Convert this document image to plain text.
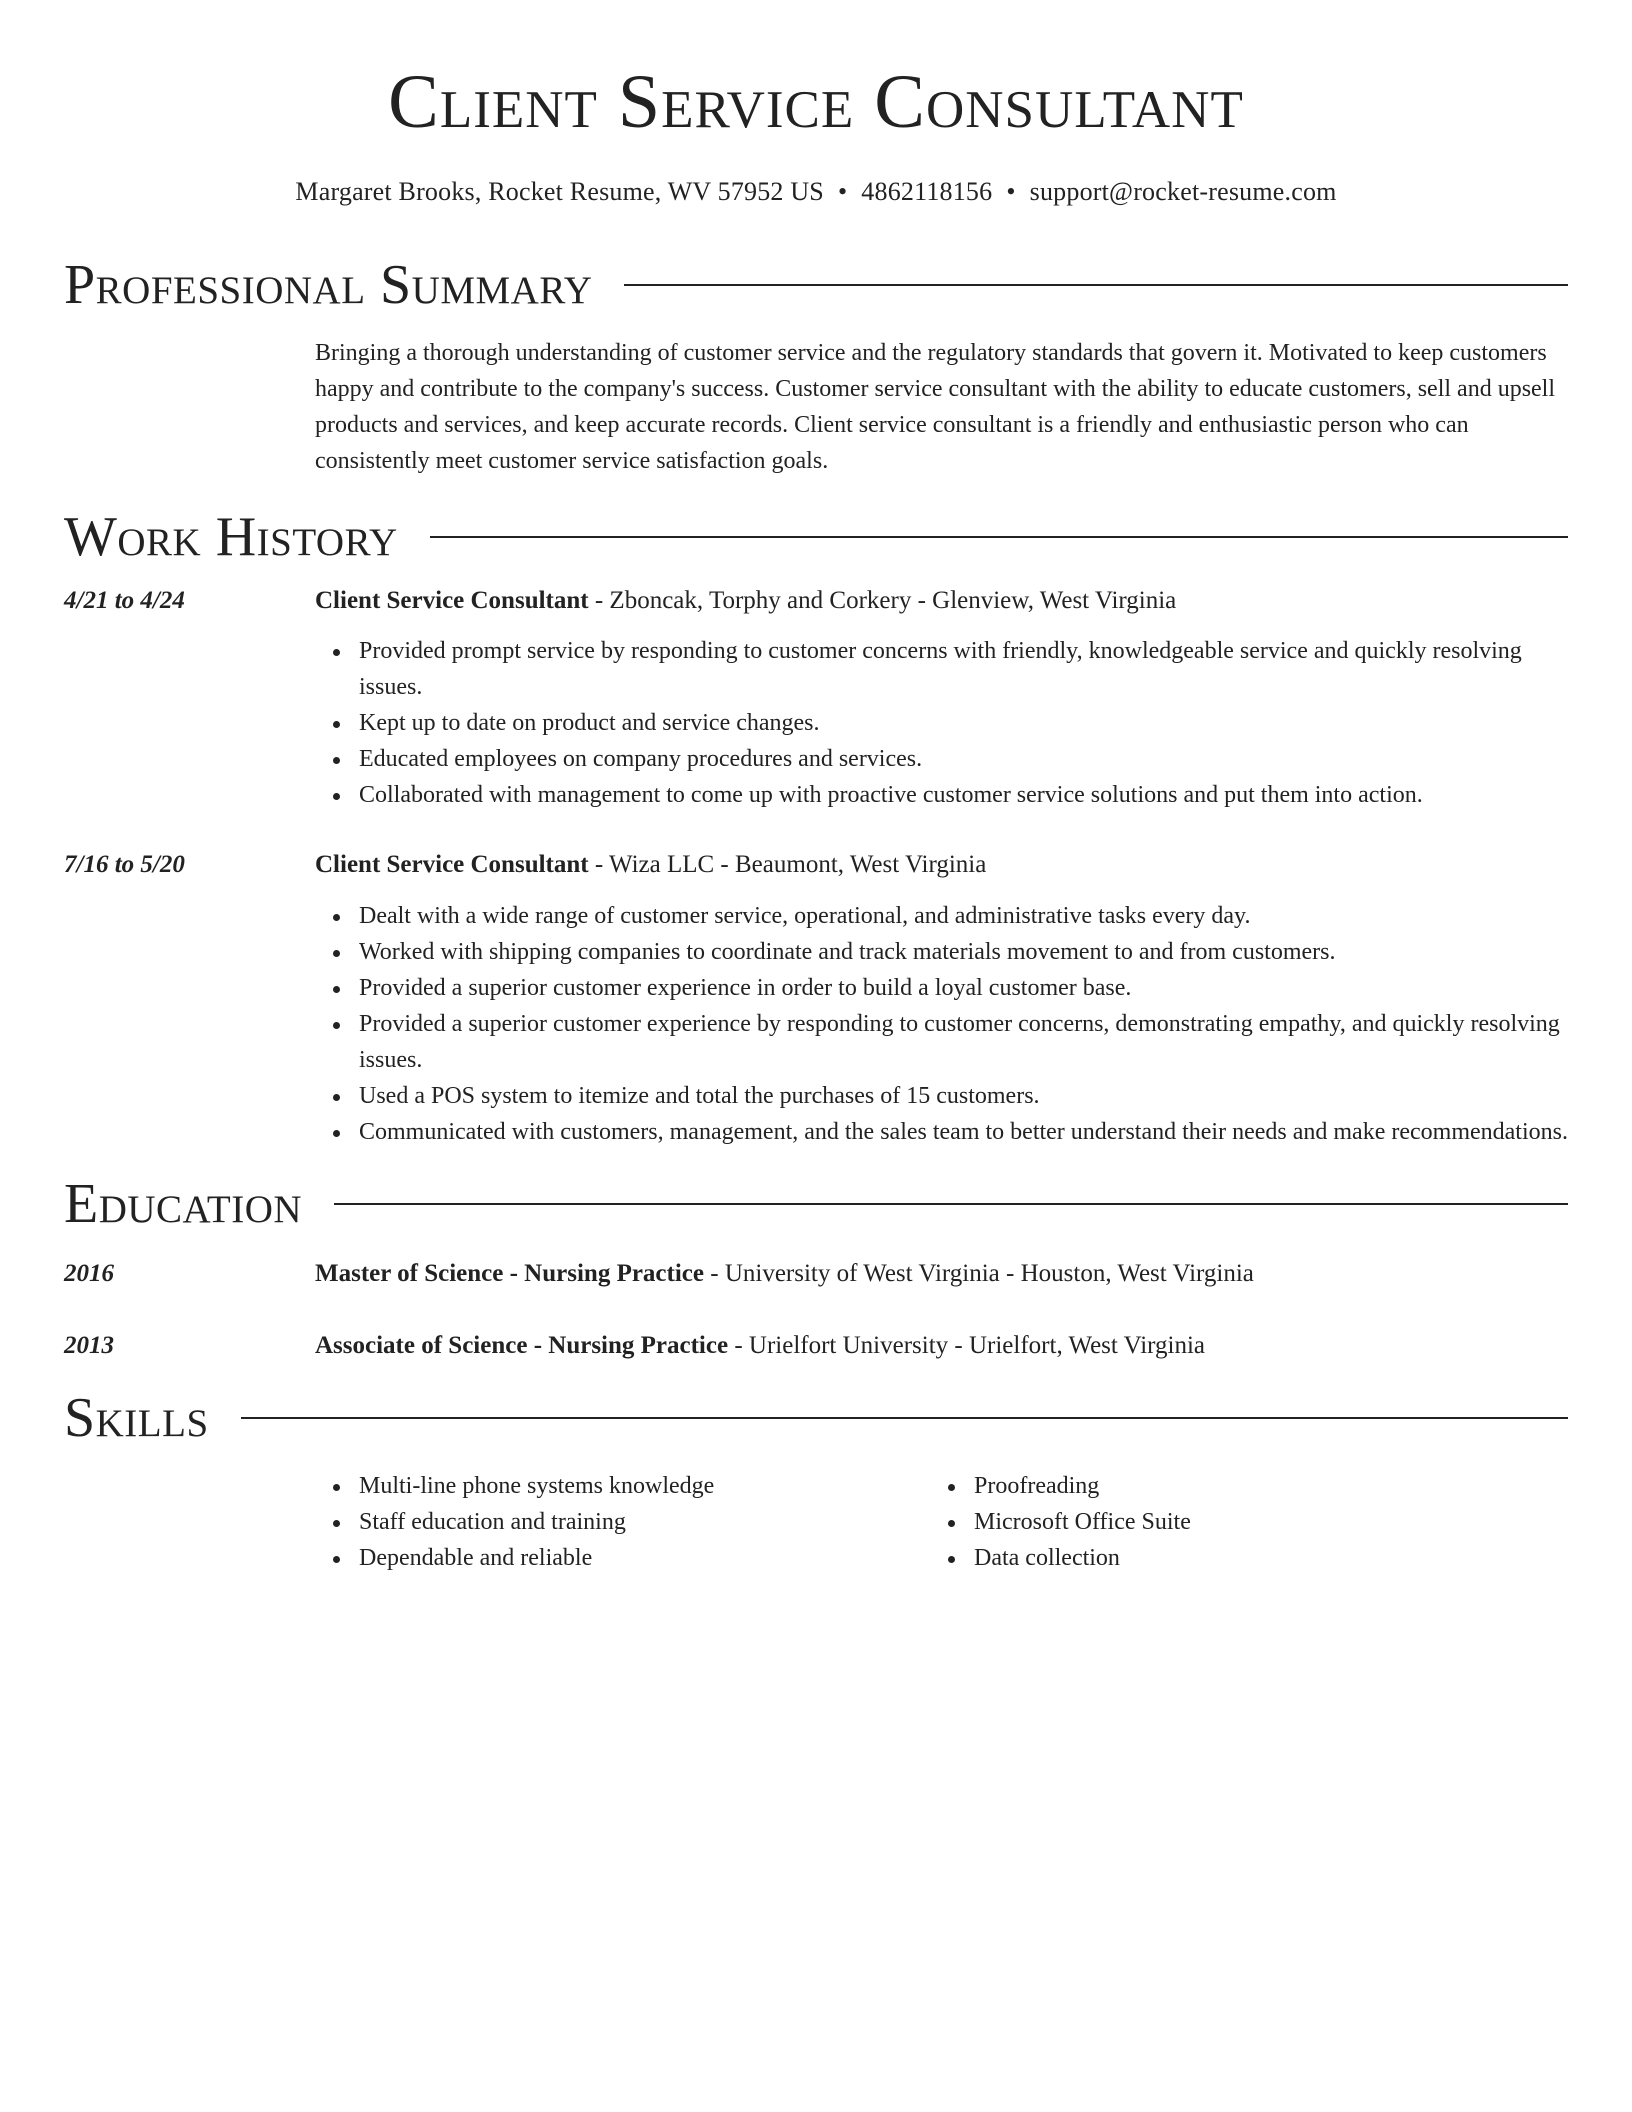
Client Service Consultant
Margaret Brooks, Rocket Resume, WV 57952 US • 4862118156 • support@rocket-resume.com
Professional Summary
Bringing a thorough understanding of customer service and the regulatory standards that govern it. Motivated to keep customers happy and contribute to the company's success. Customer service consultant with the ability to educate customers, sell and upsell products and services, and keep accurate records. Client service consultant is a friendly and enthusiastic person who can consistently meet customer service satisfaction goals.
Work History
4/21 to 4/24	Client Service Consultant - Zboncak, Torphy and Corkery - Glenview, West Virginia
Provided prompt service by responding to customer concerns with friendly, knowledgeable service and quickly resolving issues.
Kept up to date on product and service changes.
Educated employees on company procedures and services.
Collaborated with management to come up with proactive customer service solutions and put them into action.
7/16 to 5/20	Client Service Consultant - Wiza LLC - Beaumont, West Virginia
Dealt with a wide range of customer service, operational, and administrative tasks every day.
Worked with shipping companies to coordinate and track materials movement to and from customers.
Provided a superior customer experience in order to build a loyal customer base.
Provided a superior customer experience by responding to customer concerns, demonstrating empathy, and quickly resolving issues.
Used a POS system to itemize and total the purchases of 15 customers.
Communicated with customers, management, and the sales team to better understand their needs and make recommendations.
Education
2016	Master of Science - Nursing Practice - University of West Virginia - Houston, West Virginia
2013	Associate of Science - Nursing Practice - Urielfort University - Urielfort, West Virginia
Skills
Multi-line phone systems knowledge
Staff education and training
Dependable and reliable
Proofreading
Microsoft Office Suite
Data collection
